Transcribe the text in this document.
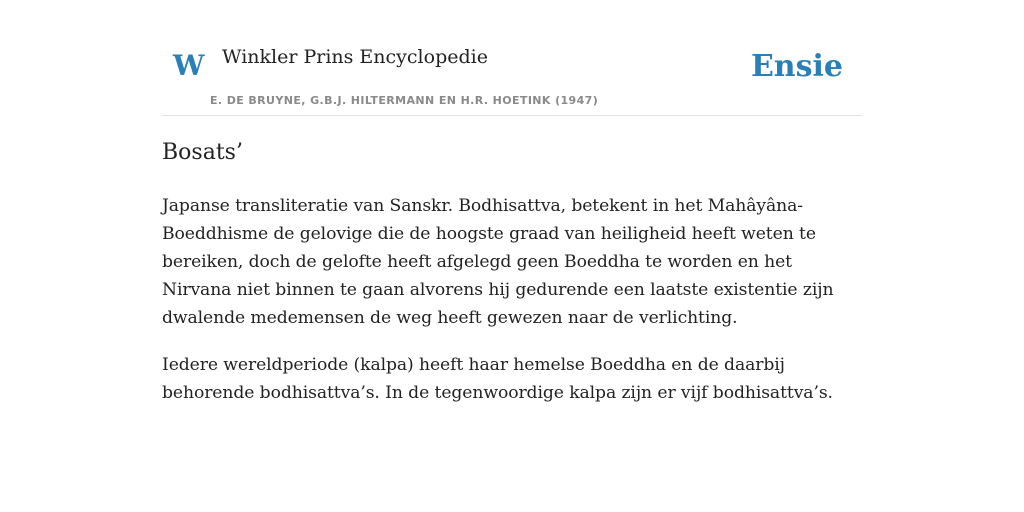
W Winkler Prins Encyclopedie
E. DE BRUYNE, G.B.J. HILTERMANN EN H.R. HOETINK (1947)
Ensie
Bosats’

Japanse transliteratie van Sanskr. Bodhisattva, betekent in het Mahâyâna-Boeddhisme de gelovige die de hoogste graad van heiligheid heeft weten te bereiken, doch de gelofte heeft afgelegd geen Boeddha te worden en het Nirvana niet binnen te gaan alvorens hij gedurende een laatste existentie zijn dwalende medemensen de weg heeft gewezen naar de verlichting.

Iedere wereldperiode (kalpa) heeft haar hemelse Boeddha en de daarbij behorende bodhisattva’s. In de tegenwoordige kalpa zijn er vijf bodhisattva’s.
